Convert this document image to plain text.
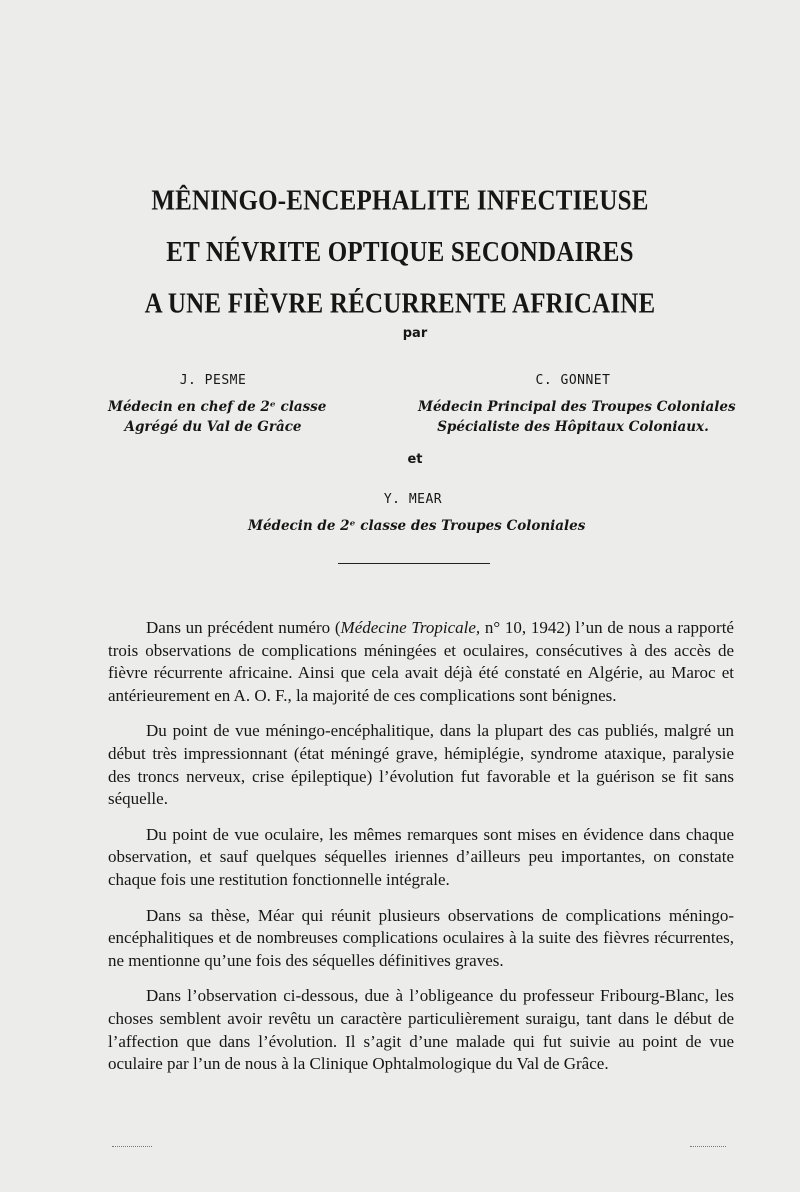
MÊNINGO-ENCEPHALITE INFECTIEUSE
ET NÉVRITE OPTIQUE SECONDAIRES
A UNE FIÈVRE RÉCURRENTE AFRICAINE
par
J. PESME
Médecin en chef de 2ᵉ classe
Agrégé du Val de Grâce
C. GONNET
Médecin Principal des Troupes Coloniales
Spécialiste des Hôpitaux Coloniaux.
et
Y. MEAR
Médecin de 2ᵉ classe des Troupes Coloniales

Dans un précédent numéro (Médecine Tropicale, n° 10, 1942) l’un de nous a rapporté trois observations de complications méningées et oculaires, consécutives à des accès de fièvre récurrente africaine. Ainsi que cela avait déjà été constaté en Algérie, au Maroc et antérieurement en A. O. F., la majorité de ces complications sont bénignes.

Du point de vue méningo-encéphalitique, dans la plupart des cas publiés, malgré un début très impressionnant (état méningé grave, hémiplégie, syndrome ataxique, paralysie des troncs nerveux, crise épileptique) l’évolution fut favorable et la guérison se fit sans séquelle.

Du point de vue oculaire, les mêmes remarques sont mises en évidence dans chaque observation, et sauf quelques séquelles iriennes d’ailleurs peu importantes, on constate chaque fois une restitution fonctionnelle intégrale.

Dans sa thèse, Méar qui réunit plusieurs observations de complications méningo-encéphalitiques et de nombreuses complications oculaires à la suite des fièvres récurrentes, ne mentionne qu’une fois des séquelles définitives graves.

Dans l’observation ci-dessous, due à l’obligeance du professeur Fribourg-Blanc, les choses semblent avoir revêtu un caractère particulièrement suraigu, tant dans le début de l’affection que dans l’évolution. Il s’agit d’une malade qui fut suivie au point de vue oculaire par l’un de nous à la Clinique Ophtalmologique du Val de Grâce.
